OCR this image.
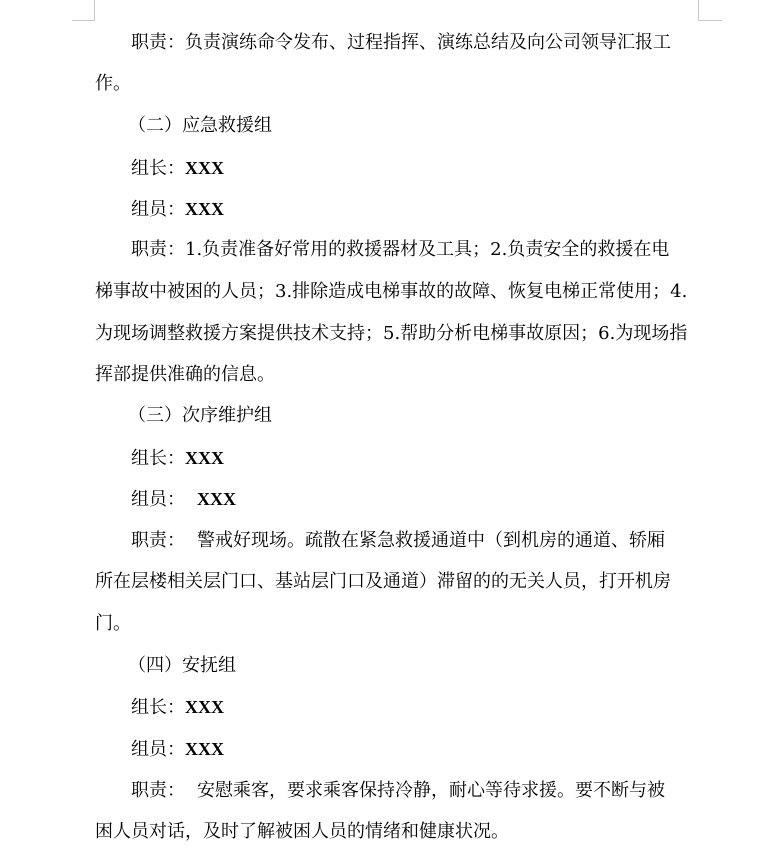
职责：负责演练命令发布、过程指挥、演练总结及向公司领导汇报工
作。
（二）应急救援组
组长：XXX
组员：XXX
职责：1.负责准备好常用的救援器材及工具；2.负责安全的救援在电
梯事故中被困的人员；3.排除造成电梯事故的故障、恢复电梯正常使用；4.
为现场调整救援方案提供技术支持；5.帮助分析电梯事故原因；6.为现场指
挥部提供准确的信息。
（三）次序维护组
组长：XXX
组员： XXX
职责： 警戒好现场。疏散在紧急救援通道中（到机房的通道、轿厢
所在层楼相关层门口、基站层门口及通道）滞留的的无关人员，打开机房
门。
（四）安抚组
组长：XXX
组员：XXX
职责： 安慰乘客，要求乘客保持冷静，耐心等待求援。要不断与被
困人员对话，及时了解被困人员的情绪和健康状况。
